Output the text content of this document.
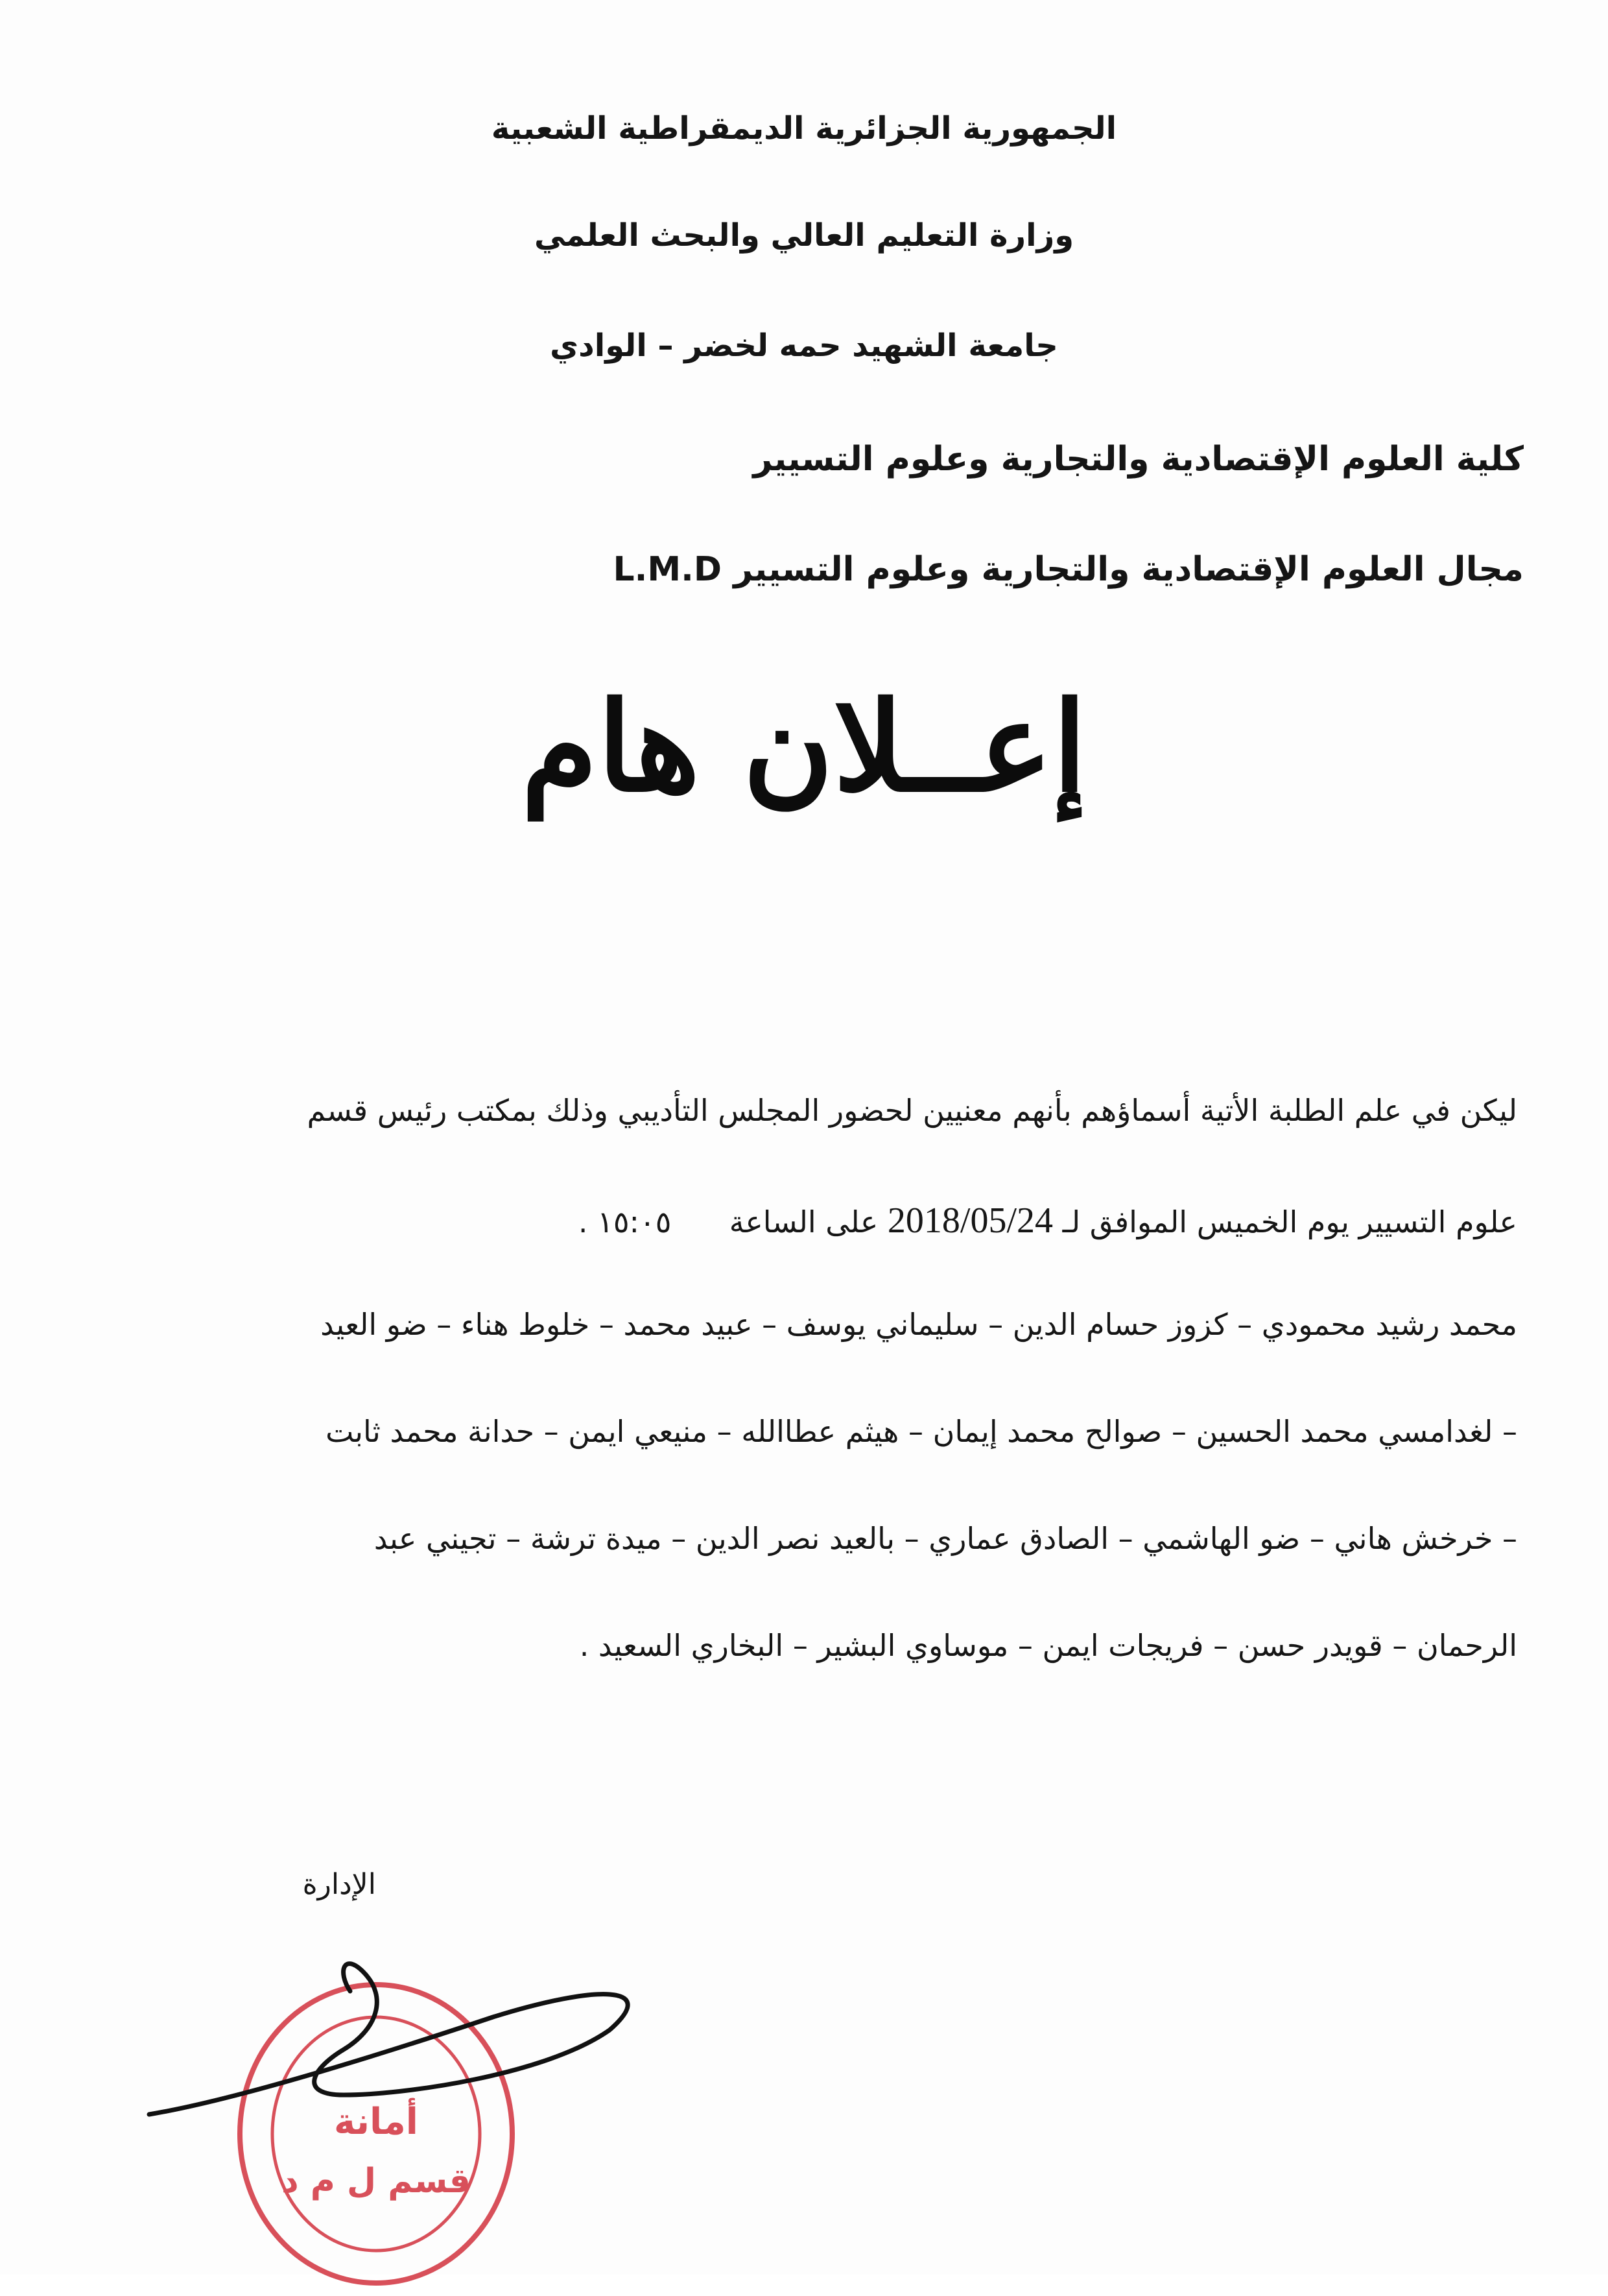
الجمهورية الجزائرية الديمقراطية الشعبية
وزارة التعليم العالي والبحث العلمي
جامعة الشهيد حمه لخضر – الوادي
كلية العلوم الإقتصادية والتجارية وعلوم التسيير
مجال العلوم الإقتصادية والتجارية وعلوم التسيير L.M.D
إعــلان هام
ليكن في علم الطلبة الأتية أسماؤهم بأنهم معنيين لحضور المجلس التأديبي وذلك بمكتب رئيس قسم
علوم التسيير يوم الخميس الموافق لـ 2018/05/24 على الساعة  ١٥:٠٥ .
محمد رشيد محمودي – كزوز حسام الدين – سليماني يوسف – عبيد محمد – خلوط هناء – ضو العيد
– لغدامسي محمد الحسين – صوالح محمد إيمان – هيثم عطاالله – منيعي ايمن – حدانة محمد ثابت
– خرخش هاني – ضو الهاشمي – الصادق عماري – بالعيد نصر الدين – ميدة ترشة – تجيني عبد
الرحمان – قويدر حسن – فريجات ايمن – موساوي البشير – البخاري السعيد .
الإدارة
أمانة
قسم ل م د
